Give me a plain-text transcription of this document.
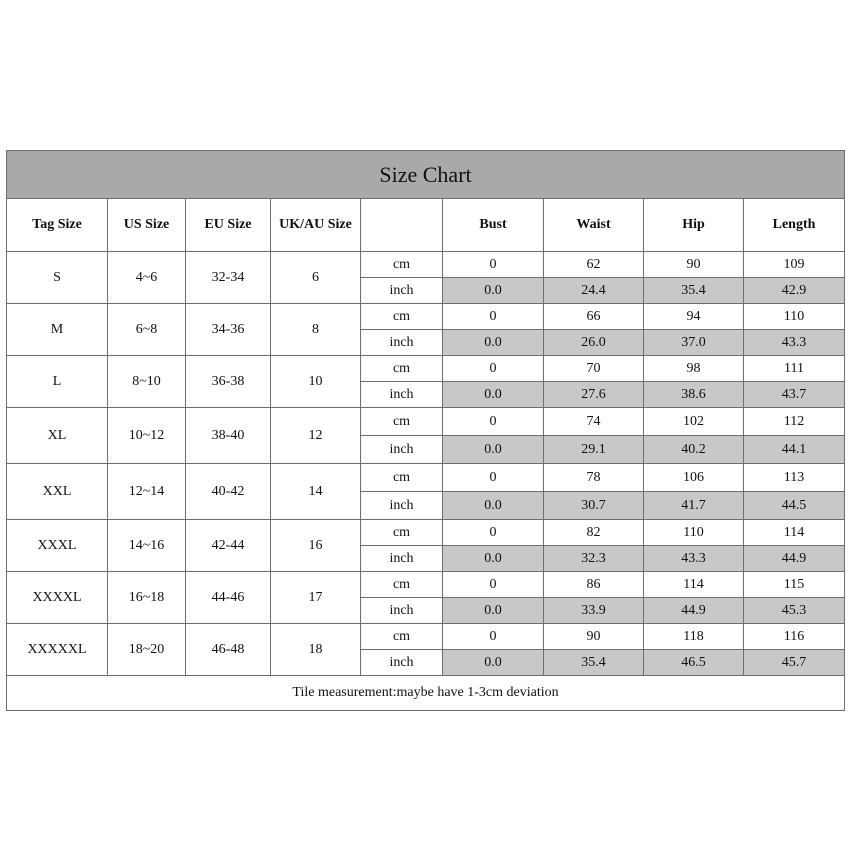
Size Chart								
Tag Size	US Size	EU Size	UK/AU Size		Bust	Waist	Hip	Length
S	4~6	32-34	6	cm	0	62	90	109
				inch	0.0	24.4	35.4	42.9
M	6~8	34-36	8	cm	0	66	94	110
				inch	0.0	26.0	37.0	43.3
L	8~10	36-38	10	cm	0	70	98	111
				inch	0.0	27.6	38.6	43.7
XL	10~12	38-40	12	cm	0	74	102	112
				inch	0.0	29.1	40.2	44.1
XXL	12~14	40-42	14	cm	0	78	106	113
				inch	0.0	30.7	41.7	44.5
XXXL	14~16	42-44	16	cm	0	82	110	114
				inch	0.0	32.3	43.3	44.9
XXXXL	16~18	44-46	17	cm	0	86	114	115
				inch	0.0	33.9	44.9	45.3
XXXXXL	18~20	46-48	18	cm	0	90	118	116
				inch	0.0	35.4	46.5	45.7
Tile measurement:maybe have 1-3cm deviation								
